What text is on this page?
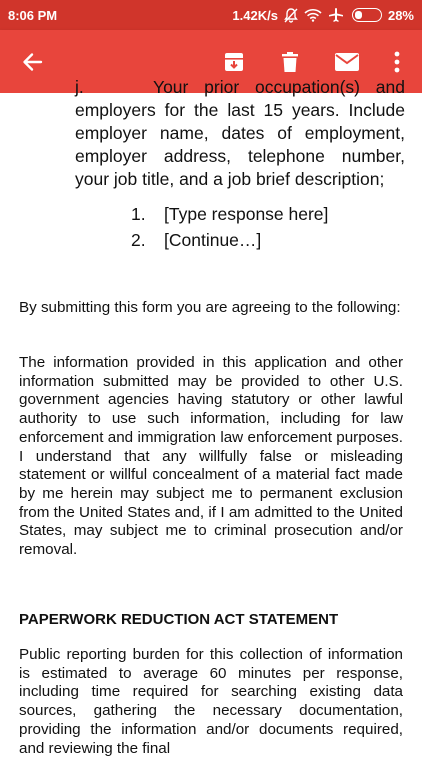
8:06 PM	1.42K/s	28%
j.	Your prior occupation(s) and
employers for the last 15 years. Include employer name, dates of employment, employer address, telephone number, your job title, and a job brief description;
1.	[Type response here]
2.	[Continue…]

By submitting this form you are agreeing to the following:

The information provided in this application and other information submitted may be provided to other U.S. government agencies having statutory or other lawful authority to use such information, including for law enforcement and immigration law enforcement purposes. I understand that any willfully false or misleading statement or willful concealment of a material fact made by me herein may subject me to permanent exclusion from the United States and, if I am admitted to the United States, may subject me to criminal prosecution and/or removal.

PAPERWORK REDUCTION ACT STATEMENT

Public reporting burden for this collection of information is estimated to average 60 minutes per response, including time required for searching existing data sources, gathering the necessary documentation, providing the information and/or documents required, and reviewing the final
